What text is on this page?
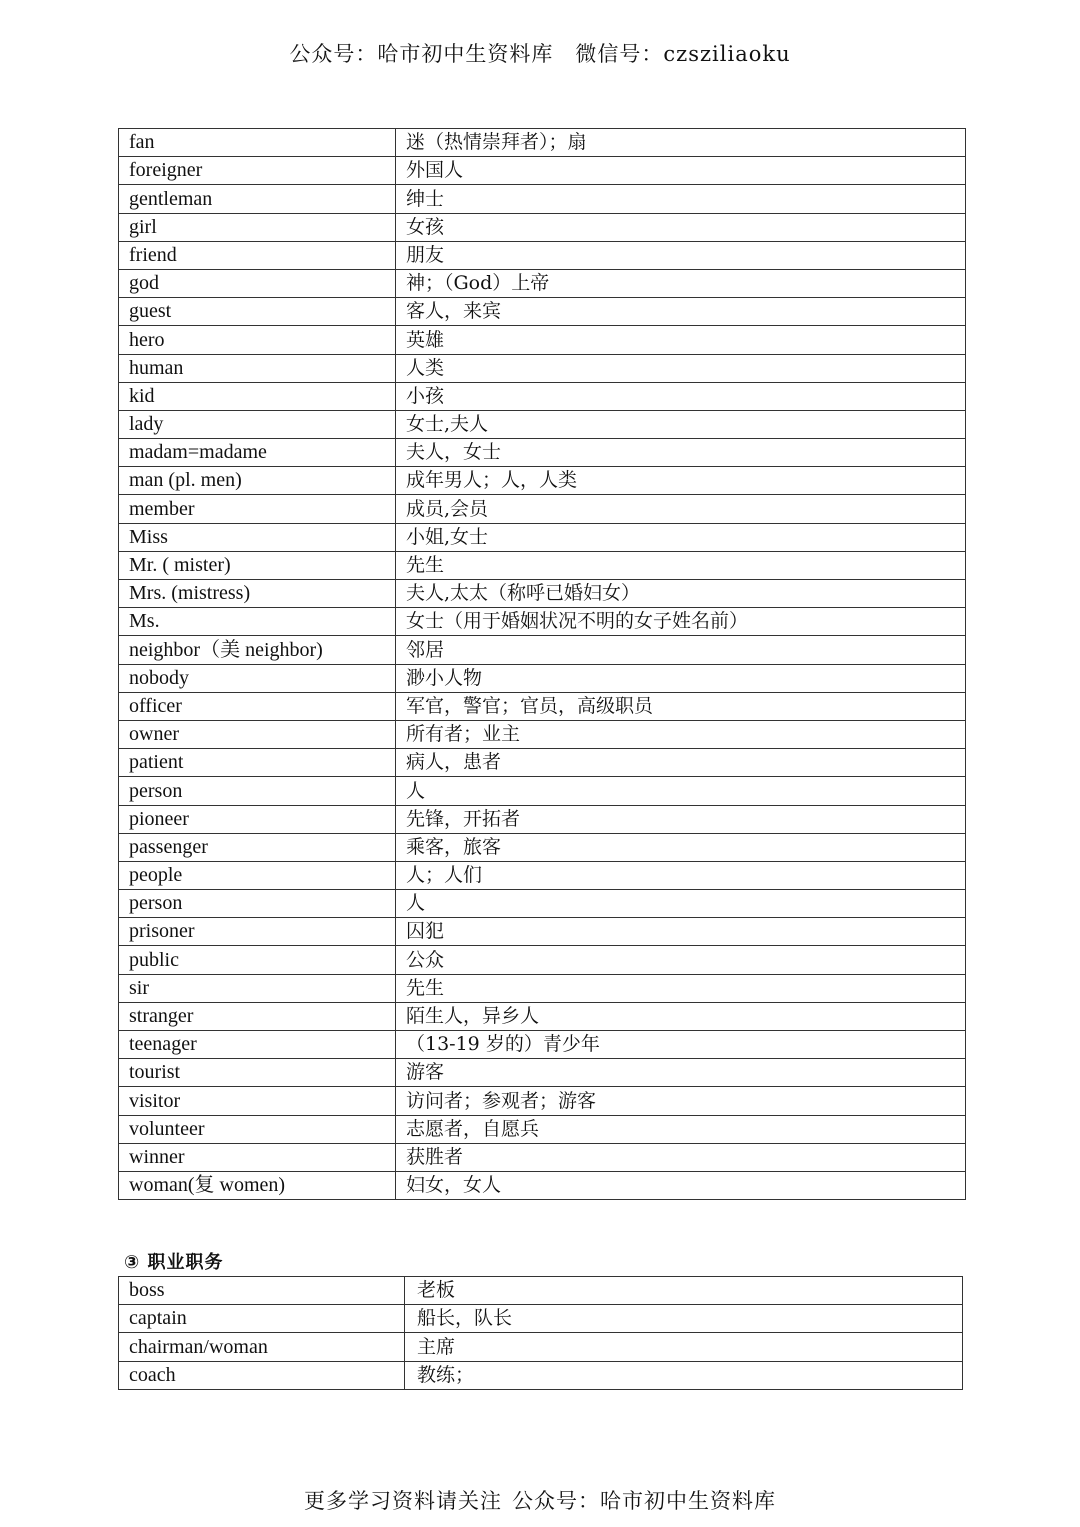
公众号：哈市初中生资料库 微信号：czsziliaoku
fan	迷（热情崇拜者）；扇
foreigner	外国人
gentleman	绅士
girl	女孩
friend	朋友
god	神；（God）上帝
guest	客人，来宾
hero	英雄
human	人类
kid	小孩
lady	女士,夫人
madam=madame	夫人，女士
man (pl. men)	成年男人；人，人类
member	成员,会员
Miss	小姐,女士
Mr. ( mister)	先生
Mrs. (mistress)	夫人,太太（称呼已婚妇女）
Ms.	女士（用于婚姻状况不明的女子姓名前）
neighbor（美 neighbor)	邻居
nobody	渺小人物
officer	军官，警官；官员，高级职员
owner	所有者；业主
patient	病人，患者
person	人
pioneer	先锋，开拓者
passenger	乘客，旅客
people	人；人们
person	人
prisoner	囚犯
public	公众
sir	先生
stranger	陌生人，异乡人
teenager	（13-19 岁的）青少年
tourist	游客
visitor	访问者；参观者；游客
volunteer	志愿者，自愿兵
winner	获胜者
woman(复 women)	妇女，女人
③ 职业职务
boss	老板
captain	船长，队长
chairman/woman	主席
coach	教练；
更多学习资料请关注 公众号：哈市初中生资料库
